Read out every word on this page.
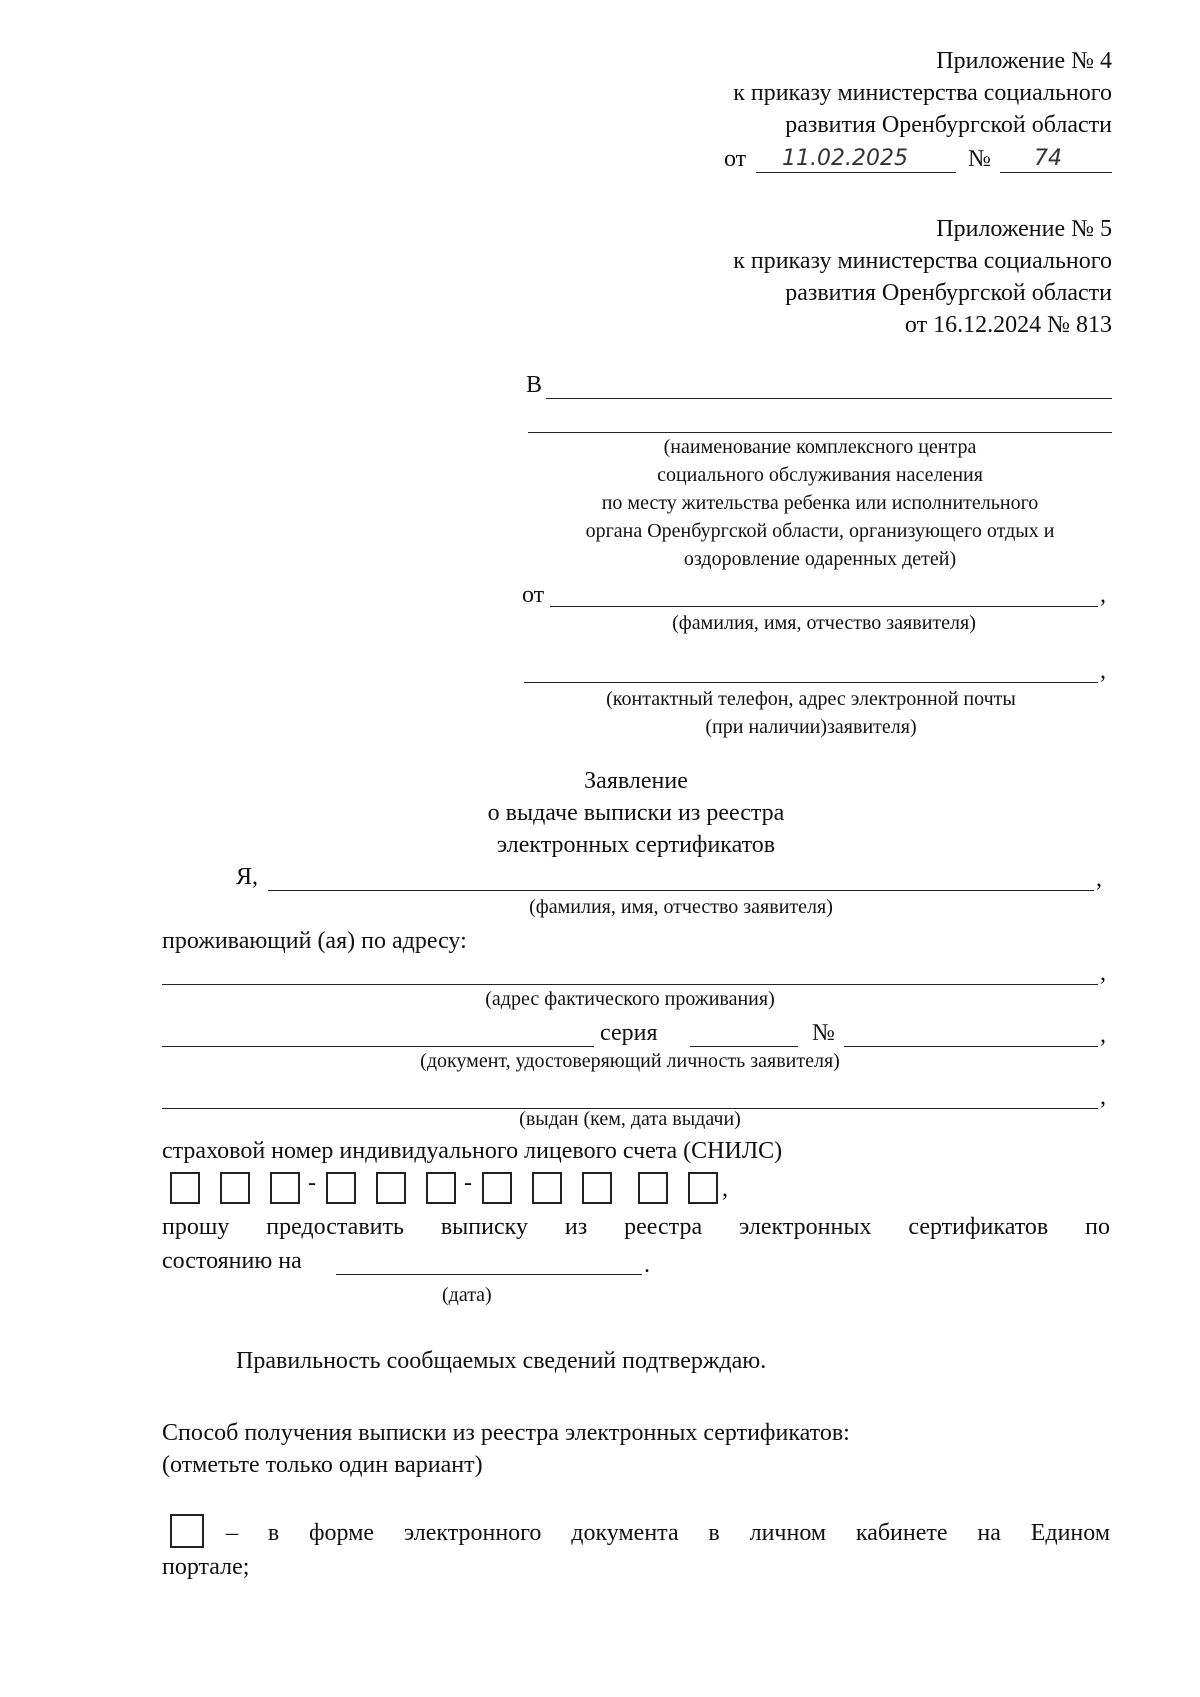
Приложение № 4
к приказу министерства социального
развития Оренбургской области
от 11.02.2025	№ 74
Приложение № 5
к приказу министерства социального
развития Оренбургской области
от 16.12.2024 № 813
В
(наименование комплексного центра
социального обслуживания населения
по месту жительства ребенка или исполнительного
органа Оренбургской области, организующего отдых и
оздоровление одаренных детей)
от	,
(фамилия, имя, отчество заявителя)
,
(контактный телефон, адрес электронной почты
(при наличии)заявителя)
Заявление
о выдаче выписки из реестра
электронных сертификатов
Я,	,
(фамилия, имя, отчество заявителя)
проживающий (ая) по адресу:
,
(адрес фактического проживания)
серия	№	,
(документ, удостоверяющий личность заявителя)
,
(выдан (кем, дата выдачи)
страховой номер индивидуального лицевого счета (СНИЛС)
-	-	,
прошу предоставить выписку из реестра электронных сертификатов по
состоянию на	.
(дата)
Правильность сообщаемых сведений подтверждаю.
Способ получения выписки из реестра электронных сертификатов:
(отметьте только один вариант)
– в форме электронного документа в личном кабинете на Едином
портале;
